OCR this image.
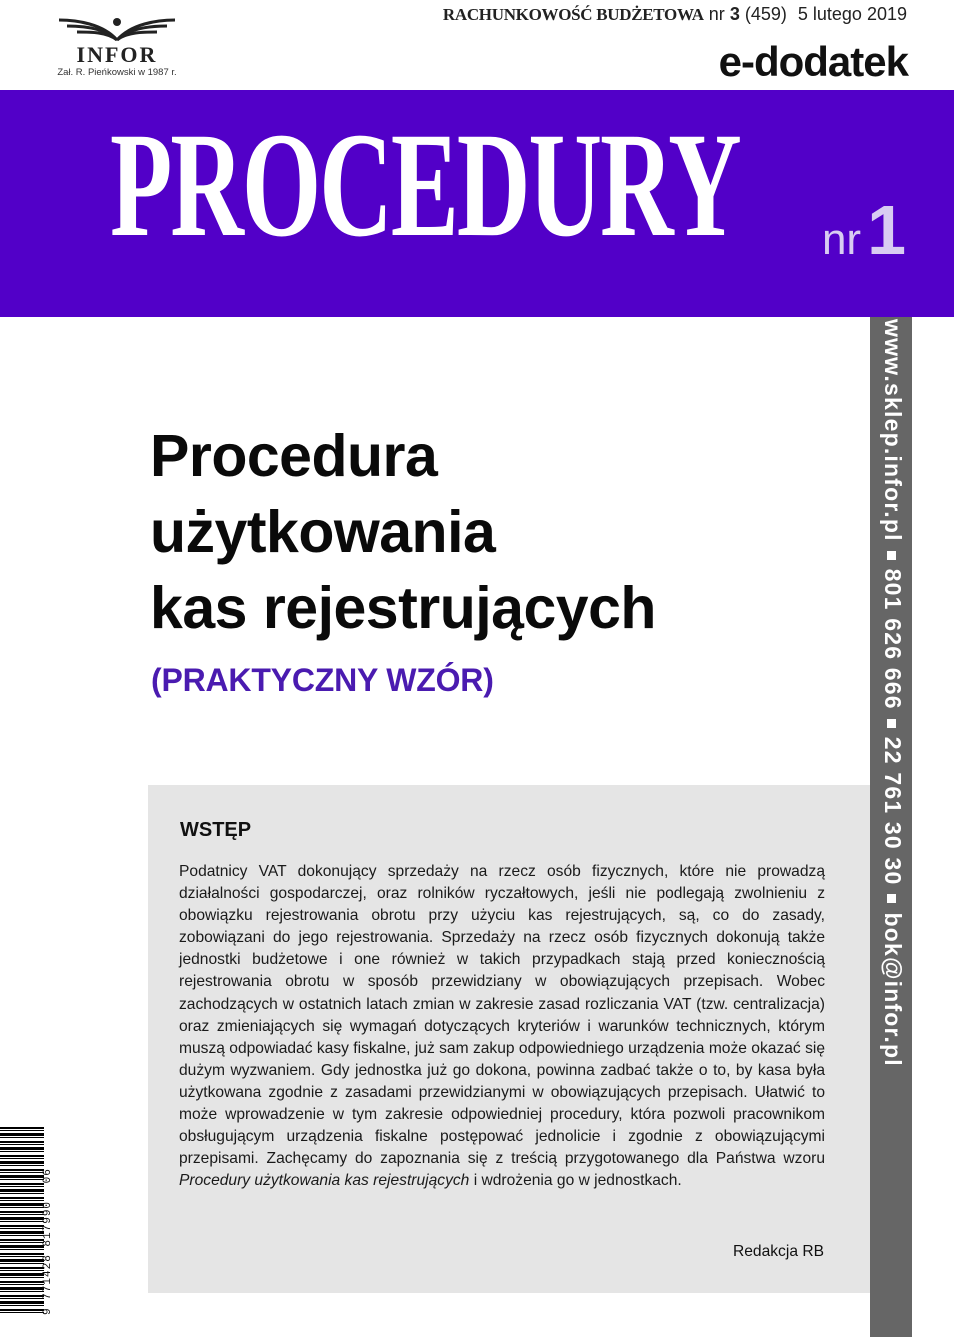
INFOR
Zał. R. Pieńkowski w 1987 r.
RACHUNKOWOŚĆ BUDŻETOWA nr 3 (459) 5 lutego 2019
e-dodatek
PROCEDURY nr1
www.sklep.infor.pl801 626 66622 761 30 30bok@infor.pl
Procedura
użytkowania
kas rejestrujących
(PRAKTYCZNY WZÓR)
WSTĘP

Podatnicy VAT dokonujący sprzedaży na rzecz osób fizycznych, które nie prowadzą działalności gospodarczej, oraz rolników ryczałtowych, jeśli nie podlegają zwolnieniu z obowiązku rejestrowania obrotu przy użyciu kas rejestrujących, są, co do zasady, zobowiązani do jego rejestrowania. Sprzedaży na rzecz osób fizycznych dokonują także jednostki budżetowe i one również w takich przypadkach stają przed koniecznością rejestrowania obrotu w sposób przewidziany w obowiązujących przepisach. Wobec zachodzących w ostatnich latach zmian w zakresie zasad rozliczania VAT (tzw. centralizacja) oraz zmieniających się wymagań dotyczących kryteriów i warunków technicznych, którym muszą odpowiadać kasy fiskalne, już sam zakup odpowiedniego urządzenia może okazać się dużym wyzwaniem. Gdy jednostka już go dokona, powinna zadbać także o to, by kasa była użytkowana zgodnie z zasadami przewidzianymi w obowiązujących przepisach. Ułatwić to może wprowadzenie w tym zakresie odpowiedniej procedury, która pozwoli pracownikom obsługującym urządzenia fiskalne postępować jednolicie i zgodnie z obowiązującymi przepisami. Zachęcamy do zapoznania się z treścią przygotowanego dla Państwa wzoru Procedury użytkowania kas rejestrujących i wdrożenia go w jednostkach.

Redakcja RB
9 771428 817990 06
